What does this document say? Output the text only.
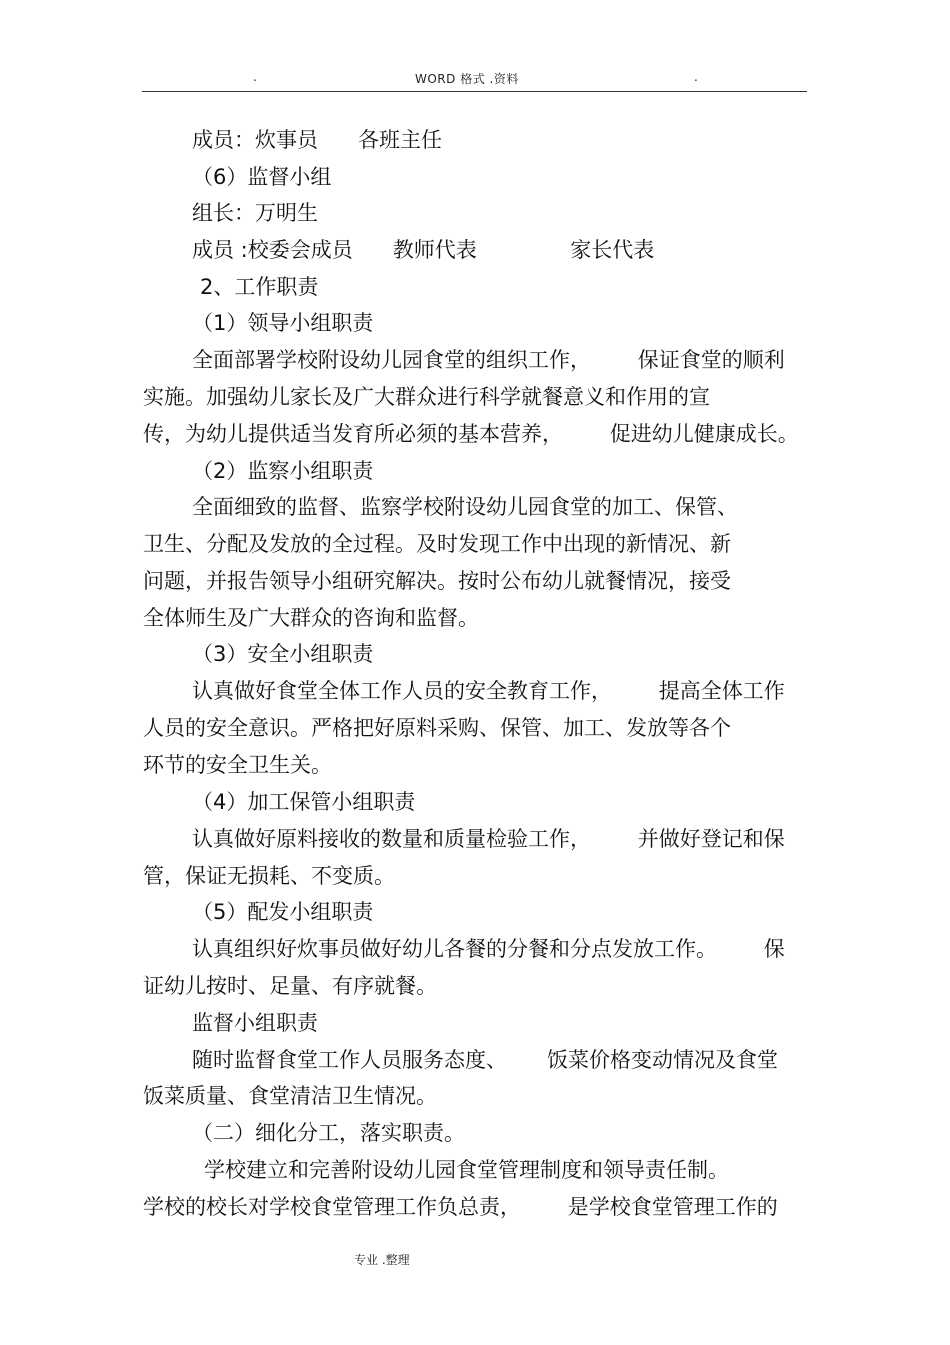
.	WORD 格式 .资料	.
成员：炊事员      各班主任
（6）监督小组
组长：万明生
成员 :校委会成员      教师代表              家长代表
2、工作职责
（1）领导小组职责
全面部署学校附设幼儿园食堂的组织工作，       保证食堂的顺利
实施。加强幼儿家长及广大群众进行科学就餐意义和作用的宣
传，为幼儿提供适当发育所必须的基本营养，       促进幼儿健康成长。
（2）监察小组职责
全面细致的监督、监察学校附设幼儿园食堂的加工、保管、
卫生、分配及发放的全过程。及时发现工作中出现的新情况、新
问题，并报告领导小组研究解决。按时公布幼儿就餐情况，接受
全体师生及广大群众的咨询和监督。
（3）安全小组职责
认真做好食堂全体工作人员的安全教育工作，       提高全体工作
人员的安全意识。严格把好原料采购、保管、加工、发放等各个
环节的安全卫生关。
（4）加工保管小组职责
认真做好原料接收的数量和质量检验工作，       并做好登记和保
管，保证无损耗、不变质。
（5）配发小组职责
认真组织好炊事员做好幼儿各餐的分餐和分点发放工作。       保
证幼儿按时、足量、有序就餐。
监督小组职责
随时监督食堂工作人员服务态度、      饭菜价格变动情况及食堂
饭菜质量、食堂清洁卫生情况。
（二）细化分工，落实职责。
学校建立和完善附设幼儿园食堂管理制度和领导责任制。
学校的校长对学校食堂管理工作负总责，       是学校食堂管理工作的
专业 .整理
